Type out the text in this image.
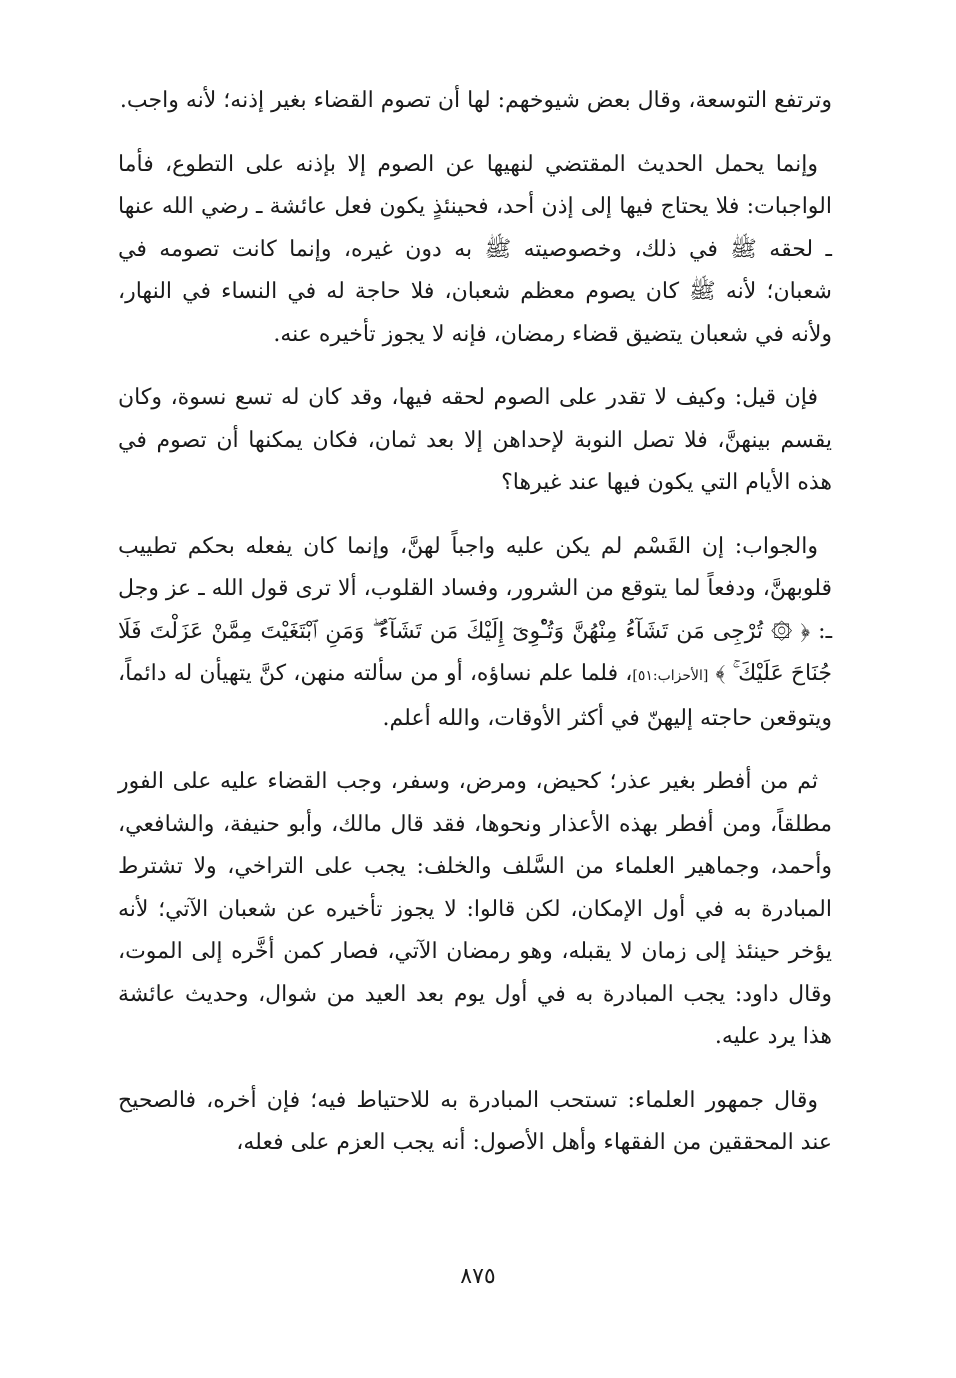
وترتفع التوسعة، وقال بعض شيوخهم: لها أن تصوم القضاء بغير إذنه؛ لأنه واجب.

وإنما يحمل الحديث المقتضي لنهيها عن الصوم إلا بإذنه على التطوع، فأما الواجبات: فلا يحتاج فيها إلى إذن أحد، فحينئذٍ يكون فعل عائشة ـ رضي الله عنها ـ لحقه ﷺ في ذلك، وخصوصيته ﷺ به دون غيره، وإنما كانت تصومه في شعبان؛ لأنه ﷺ كان يصوم معظم شعبان، فلا حاجة له في النساء في النهار، ولأنه في شعبان يتضيق قضاء رمضان، فإنه لا يجوز تأخيره عنه.

فإن قيل: وكيف لا تقدر على الصوم لحقه فيها، وقد كان له تسع نسوة، وكان يقسم بينهنَّ، فلا تصل النوبة لإحداهن إلا بعد ثمان، فكان يمكنها أن تصوم في هذه الأيام التي يكون فيها عند غيرها؟

والجواب: إن القَسْم لم يكن عليه واجباً لهنَّ، وإنما كان يفعله بحكم تطييب قلوبهنَّ، ودفعاً لما يتوقع من الشرور، وفساد القلوب، ألا ترى قول الله ـ عز وجل ـ: ﴿ ۞ تُرْجِى مَن تَشَآءُ مِنْهُنَّ وَتُـْٔوِىٓ إِلَيْكَ مَن تَشَآءُ ۖ وَمَنِ ٱبْتَغَيْتَ مِمَّنْ عَزَلْتَ فَلَا جُنَاحَ عَلَيْكَ ۚ ﴾ [الأحزاب:٥١]، فلما علم نساؤه، أو من سألته منهن، كنَّ يتهيأن له دائماً، ويتوقعن حاجته إليهنّ في أكثر الأوقات، والله أعلم.

ثم من أفطر بغير عذر؛ كحيض، ومرض، وسفر، وجب القضاء عليه على الفور مطلقاً، ومن أفطر بهذه الأعذار ونحوها، فقد قال مالك، وأبو حنيفة، والشافعي، وأحمد، وجماهير العلماء من السَّلف والخلف: يجب على التراخي، ولا تشترط المبادرة به في أول الإمكان، لكن قالوا: لا يجوز تأخيره عن شعبان الآتي؛ لأنه يؤخر حينئذ إلى زمان لا يقبله، وهو رمضان الآتي، فصار كمن أخَّره إلى الموت، وقال داود: يجب المبادرة به في أول يوم بعد العيد من شوال، وحديث عائشة هذا يرد عليه.

وقال جمهور العلماء: تستحب المبادرة به للاحتياط فيه؛ فإن أخره، فالصحيح عند المحققين من الفقهاء وأهل الأصول: أنه يجب العزم على فعله،

٨٧٥
